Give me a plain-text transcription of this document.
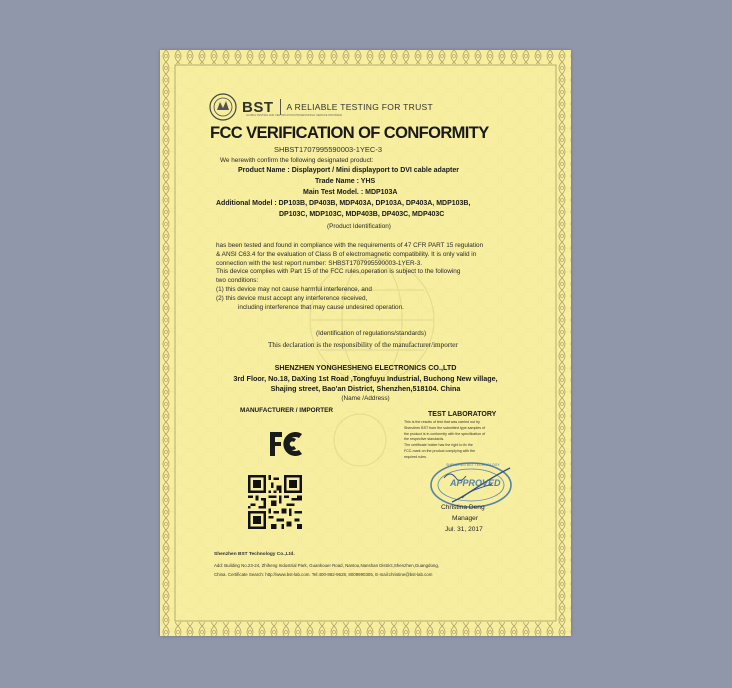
BST A RELIABLE TESTING FOR TRUST
GLOBAL TESTING AND CERTIFICATION PROFESSIONAL SERVICE PROVIDER
FCC VERIFICATION OF CONFORMITY
SHBST1707995590003-1YEC-3
We herewith confirm the following designated product:
Product Name : Displayport / Mini displayport to DVI cable adapter
Trade Name : YHS
Main Test Model. : MDP103A
Additional Model : DP103B, DP403B, MDP403A, DP103A, DP403A, MDP103B,
DP103C, MDP103C, MDP403B, DP403C, MDP403C
(Product Identification)
has been tested and found in compliance with the requirements of 47 CFR PART 15 regulation
& ANSI C63.4 for the evaluation of Class B of electromagnetic compatibility. It is only valid in
connection with the test report number: SHBST1707995590003-1YER-3.
This device complies with Part 15 of the FCC rules,operation is subject to the following
two conditions:
(1) this device may not cause harmful interference, and
(2) this device must accept any interference received,
including interference that may cause undesired operation.
(Identification of regulations/standards)
This declaration is the responsibility of the manufacturer/importer
SHENZHEN YONGHESHENG ELECTRONICS CO.,LTD
3rd Floor, No.18, DaXing 1st Road ,Tongfuyu Industrial, Buchong New village,
Shajing street, Bao'an District, Shenzhen,518104. China
(Name /Address)
MANUFACTURER / IMPORTER
TEST LABORATORY
This is the results of test that was carried out by
Shenzhen BST from the submitted type samples of
the product is in conformity with the specification of
the respective standards.
The certificate holder has the right to fix the
FCC-mark on the product complying with the
required rules.
APPROVED
SHENZHEN BST TECHNOLOGY
Christina Deng
Manager
Jul. 31, 2017
Shenzhen BST Technology Co.,Ltd.
Add: Building No.23-24, Zhiheng Industrial Park, Guankouer Road, Nantou,Nanshan District,Shenzhen,Guangdong,
China. Certificate Search: http://www.bst-lab.com. Tel:400-882-9628, 8009990305, E-mail:christine@bst-lab.com
